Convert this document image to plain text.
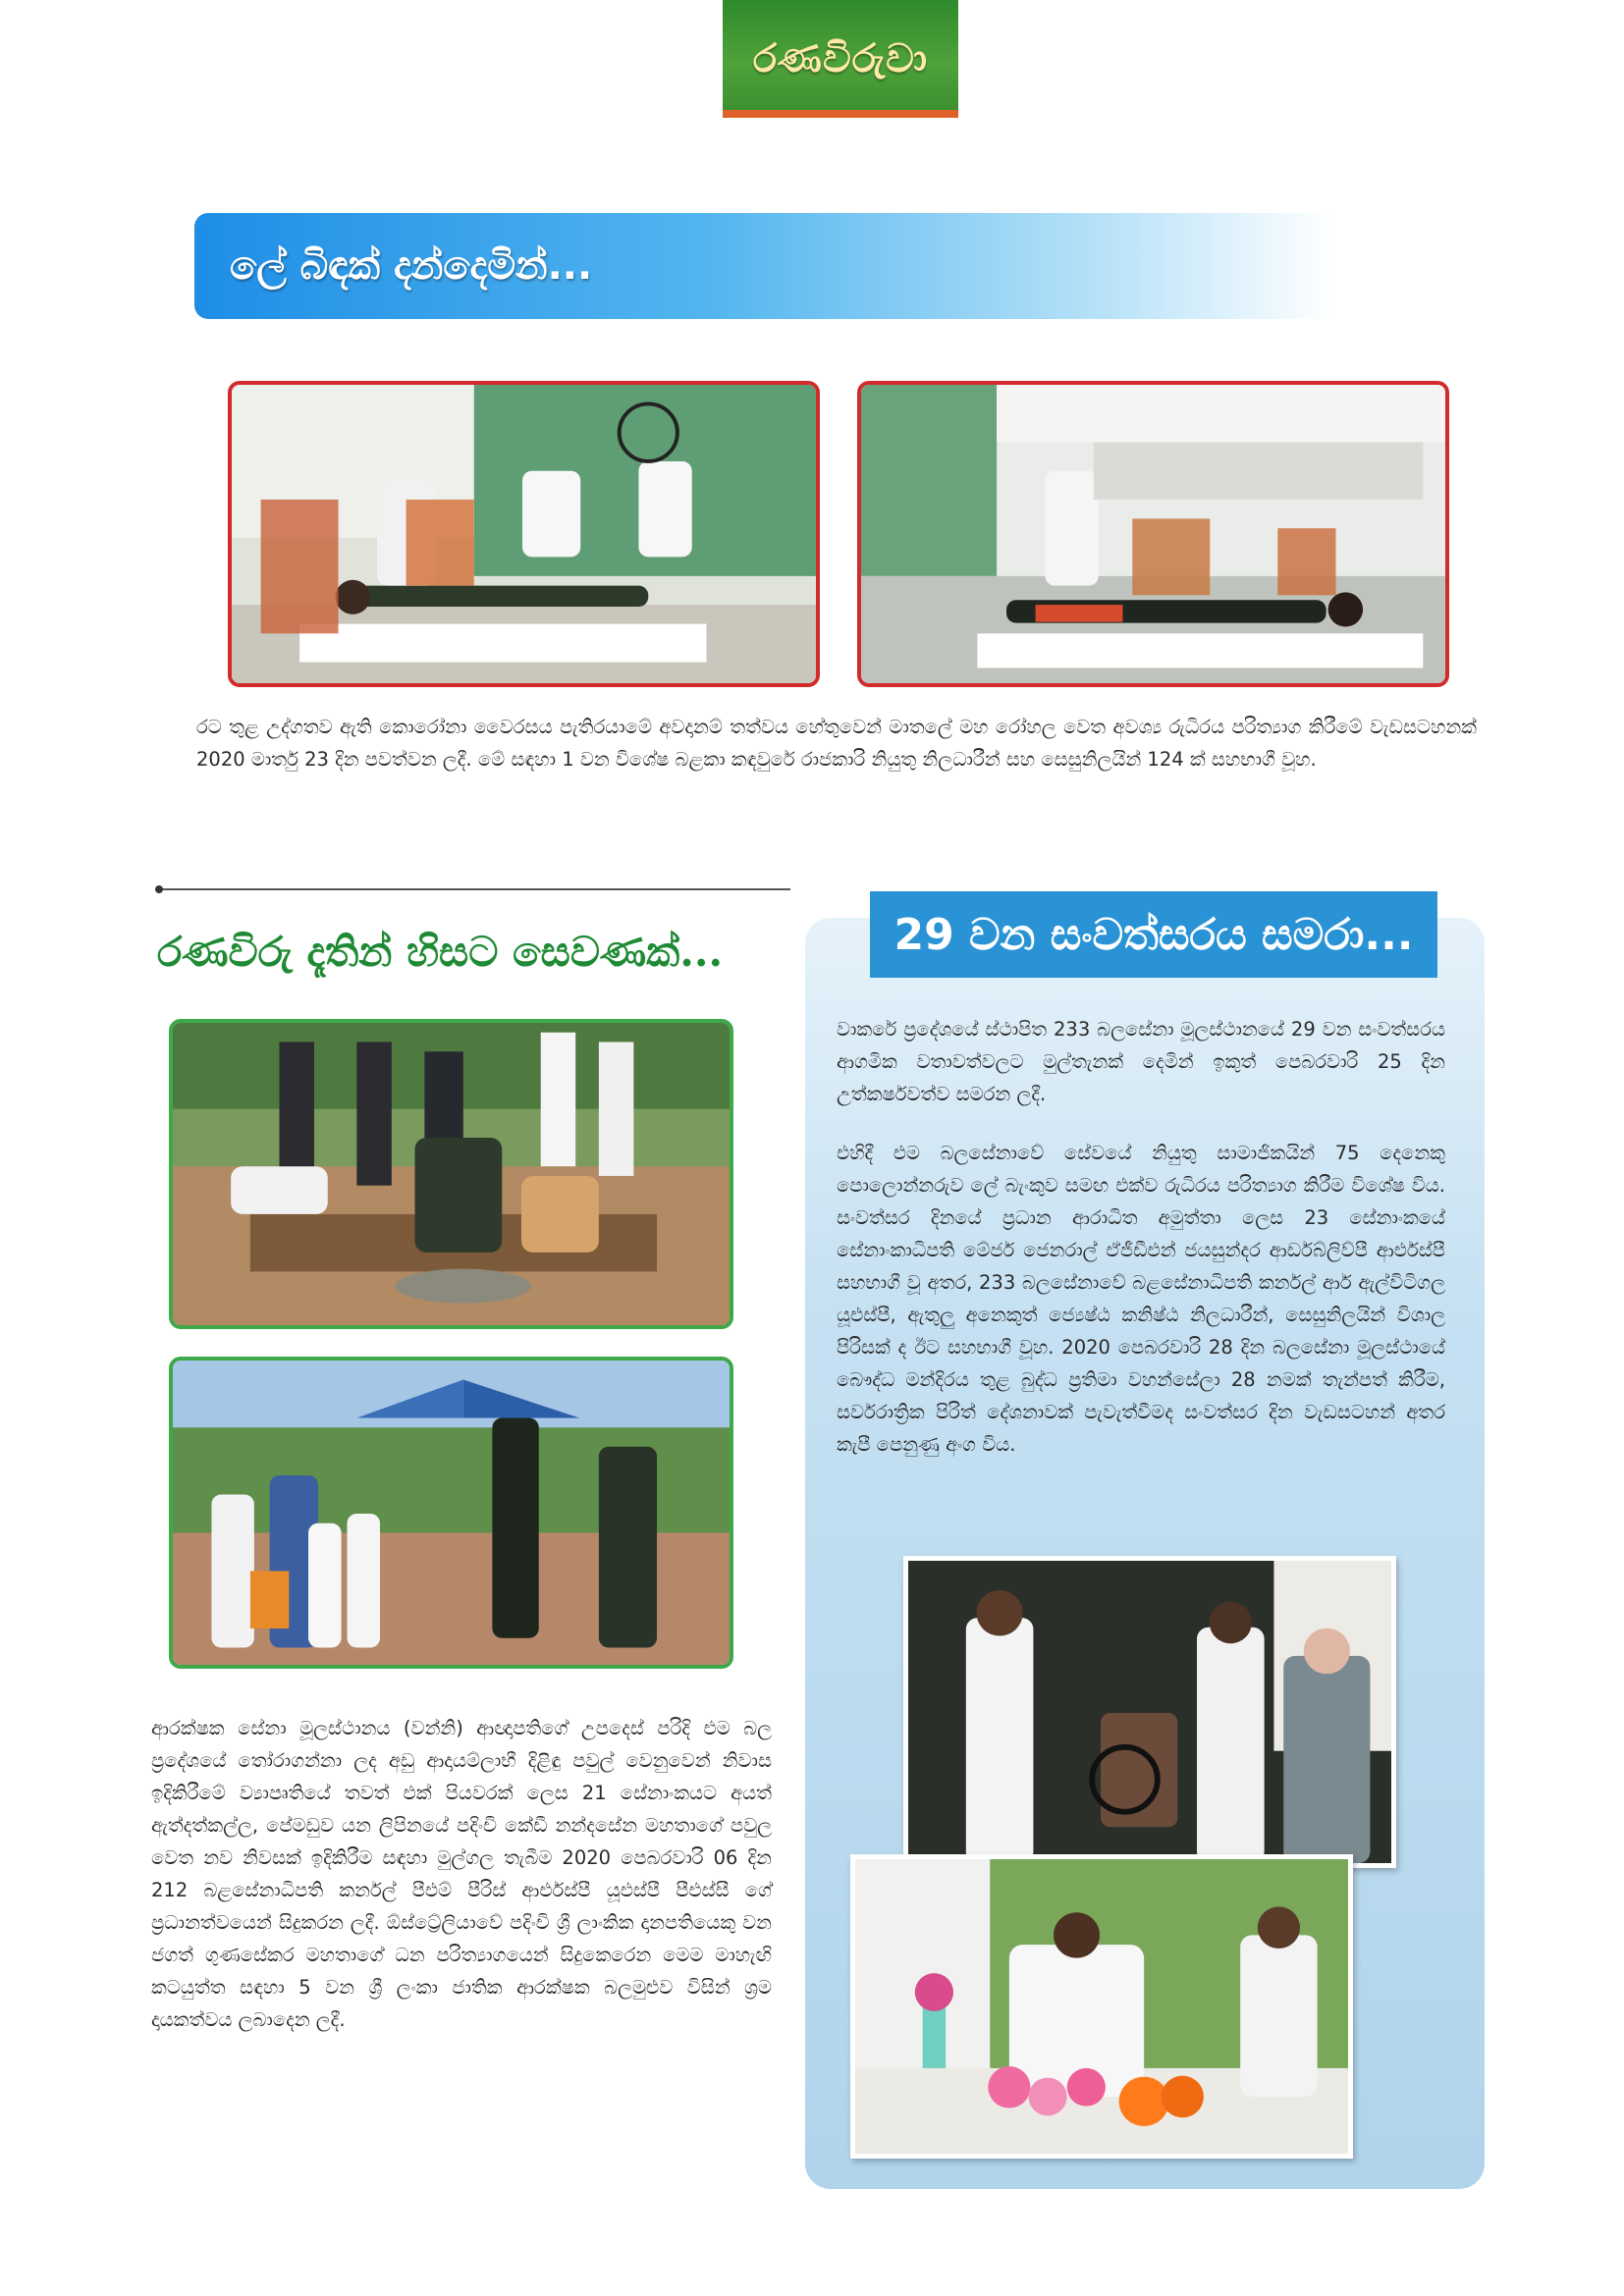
රණවිරුවා
ලේ බිඳක් දන්දෙමින්...
රට තුළ උද්ගතව ඇති කොරෝනා වෛරසය පැතිරයාමේ අවදානම් තත්වය හේතුවෙන් මාතලේ මහ රෝහල වෙත අවශ්‍ය රුධිරය පරිත්‍යාග කිරීමේ වැඩසටහනක් 2020 මාර්තු 23 දින පවත්වන ලදී. මේ සඳහා 1 වන විශේෂ බළකා කඳවුරේ රාජකාරි නියුතු නිලධාරීන් සහ සෙසුනිලයින් 124 ක් සහභාගී වූහ.
රණවිරු දෑතින් හිසට සෙවණක්...
ආරක්ෂක සේනා මූලස්ථානය (වන්නි) ආඥාපතිගේ උපදෙස් පරිදි එම බල ප්‍රදේශයේ තෝරාගන්නා ලද අඩු ආදායම්ලාභී දිළිඳු පවුල් වෙනුවෙන් නිවාස ඉදිකිරීමේ ව්‍යාපෘතියේ තවත් එක් පියවරක් ලෙස 21 සේනාංකයට අයත් ඇත්දත්කල්ල, පේමඩුව යන ලිපිනයේ පදිංචි කේඩී නන්දසේන මහතාගේ පවුල වෙත නව නිවසක් ඉදිකිරීම සඳහා මුල්ගල තැබීම 2020 පෙබරවාරි 06 දින 212 බළසේනාධිපති කර්නල් පීඑම් පීරිස් ආර්එස්පී යූඑස්පී පීඑස්සී ගේ ප්‍රධානත්වයෙන් සිදුකරන ලදී. ඕස්ට්‍රේලියාවේ පදිංචි ශ්‍රී ලාංකික දානපතියෙකු වන ජගත් ගුණසේකර මහතාගේ ධන පරිත්‍යාගයෙන් සිදුකෙරෙන මෙම මාහැඟි කටයුත්ත සඳහා 5 වන ශ්‍රී ලංකා ජාතික ආරක්ෂක බලමුළුව විසින් ශ්‍රම දායකත්වය ලබාදෙන ලදී.
29 වන සංවත්සරය සමරා...
වාකරේ ප්‍රදේශයේ ස්ථාපිත 233 බලසේනා මූලස්ථානයේ 29 වන සංවත්සරය ආගමික වතාවත්වලට මුල්තැනක් දෙමින් ඉකුත් පෙබරවාරි 25 දින උත්කර්ෂවත්ව සමරන ලදී.
එහිදී එම බලසේනාවේ සේවයේ නියුතු සාමාජිකයින් 75 දෙනෙකු පොලොන්නරුව ලේ බැංකුව සමඟ එක්ව රුධිරය පරිත්‍යාග කිරීම විශේෂ විය. සංවත්සර දිනයේ ප්‍රධාන ආරාධිත අමුත්තා ලෙස 23 සේනාංකයේ සේනාංකාධිපති මේජර් ජෙනරාල් ඒජීඩීඑන් ජයසුන්දර ආර්ඩබ්ලිව්පී ආර්එස්පී සහභාගී වූ අතර, 233 බලසේනාවේ බළසේනාධිපති කර්නල් ආර් ඇල්විටිගල යූඑස්පී, ඇතුලු අනෙකුත් ජ්‍යෙෂ්ඨ කනිෂ්ඨ නිලධාරීන්, සෙසුනිලයින් විශාල පිරිසක් ද ඊට සහභාගී වූහ. 2020 පෙබරවාරි 28 දින බලසේනා මූලස්ථායේ බෞද්ධ මන්දිරය තුළ බුද්ධ ප්‍රතිමා වහන්සේලා 28 නමක් තැන්පත් කිරීම, සර්වරාත්‍රික පිරිත් දේශනාවක් පැවැත්වීමද සංවත්සර දින වැඩසටහන් අතර කැපී පෙනුණු අංග විය.
